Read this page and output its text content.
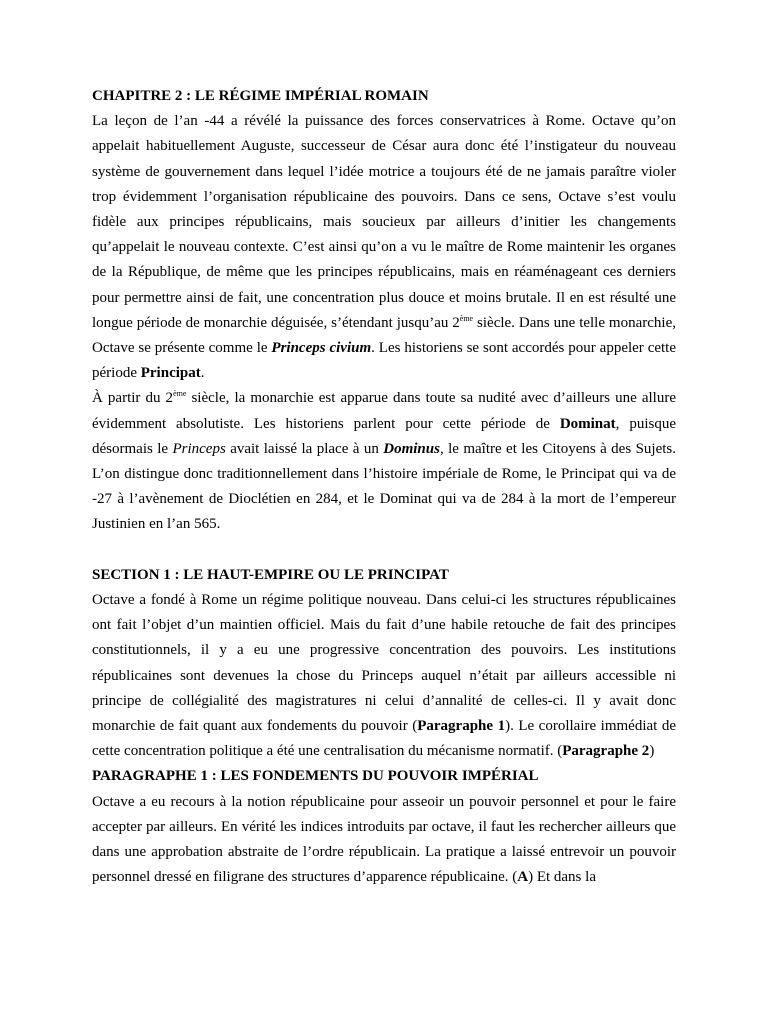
CHAPITRE 2 : LE RÉGIME IMPÉRIAL ROMAIN

La leçon de l’an -44 a révélé la puissance des forces conservatrices à Rome. Octave qu’on appelait habituellement Auguste, successeur de César aura donc été l’instigateur du nouveau système de gouvernement dans lequel l’idée motrice a toujours été de ne jamais paraître violer trop évidemment l’organisation républicaine des pouvoirs. Dans ce sens, Octave s’est voulu fidèle aux principes républicains, mais soucieux par ailleurs d’initier les changements qu’appelait le nouveau contexte. C’est ainsi qu’on a vu le maître de Rome maintenir les organes de la République, de même que les principes républicains, mais en réaménageant ces derniers pour permettre ainsi de fait, une concentration plus douce et moins brutale. Il en est résulté une longue période de monarchie déguisée, s’étendant jusqu’au 2ème siècle. Dans une telle monarchie, Octave se présente comme le Princeps civium. Les historiens se sont accordés pour appeler cette période Principat.

À partir du 2ème siècle, la monarchie est apparue dans toute sa nudité avec d’ailleurs une allure évidemment absolutiste. Les historiens parlent pour cette période de Dominat, puisque désormais le Princeps avait laissé la place à un Dominus, le maître et les Citoyens à des Sujets. L’on distingue donc traditionnellement dans l’histoire impériale de Rome, le Principat qui va de -27 à l’avènement de Dioclétien en 284, et le Dominat qui va de 284 à la mort de l’empereur Justinien en l’an 565.

SECTION 1 : LE HAUT-EMPIRE OU LE PRINCIPAT

Octave a fondé à Rome un régime politique nouveau. Dans celui-ci les structures républicaines ont fait l’objet d’un maintien officiel. Mais du fait d’une habile retouche de fait des principes constitutionnels, il y a eu une progressive concentration des pouvoirs. Les institutions républicaines sont devenues la chose du Princeps auquel n’était par ailleurs accessible ni principe de collégialité des magistratures ni celui d’annalité de celles-ci. Il y avait donc monarchie de fait quant aux fondements du pouvoir (Paragraphe 1). Le corollaire immédiat de cette concentration politique a été une centralisation du mécanisme normatif. (Paragraphe 2)

PARAGRAPHE 1 : LES FONDEMENTS DU POUVOIR IMPÉRIAL

Octave a eu recours à la notion républicaine pour asseoir un pouvoir personnel et pour le faire accepter par ailleurs. En vérité les indices introduits par octave, il faut les rechercher ailleurs que dans une approbation abstraite de l’ordre républicain. La pratique a laissé entrevoir un pouvoir personnel dressé en filigrane des structures d’apparence républicaine. (A) Et dans la
